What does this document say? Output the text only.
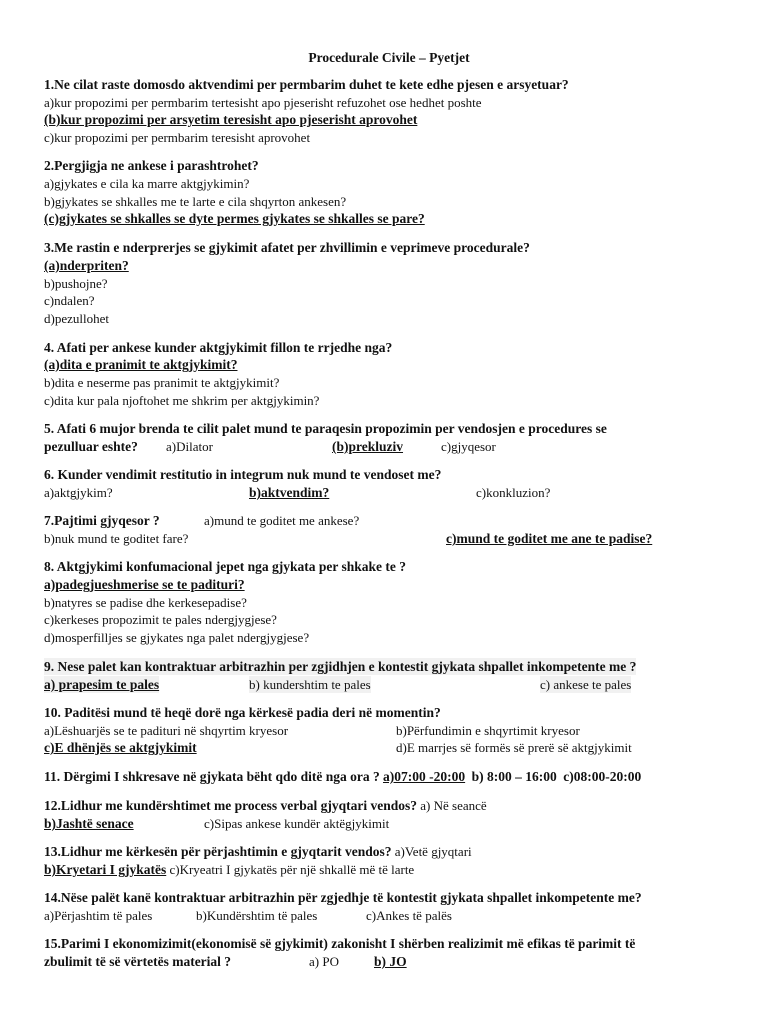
Procedurale Civile – Pyetjet
1.Ne cilat raste domosdo aktvendimi per permbarim duhet te kete edhe pjesen e arsyetuar?
a)kur propozimi per permbarim tertesisht apo pjeserisht refuzohet ose hedhet poshte
(b)kur propozimi per arsyetim teresisht apo pjeserisht aprovohet
c)kur propozimi per permbarim teresisht aprovohet
2.Pergjigja ne ankese i parashtrohet?
a)gjykates e cila ka marre aktgjykimin?
b)gjykates se shkalles me te larte e cila shqyrton ankesen?
(c)gjykates se shkalles se dyte permes gjykates se shkalles se pare?
3.Me rastin e nderprerjes se gjykimit afatet per zhvillimin e veprimeve procedurale?
(a)nderpriten?
b)pushojne?
c)ndalen?
d)pezullohet
4. Afati per ankese kunder aktgjykimit fillon te rrjedhe nga?
(a)dita e pranimit te aktgjykimit?
b)dita e neserme pas pranimit te aktgjykimit?
c)dita kur pala njoftohet me shkrim per aktgjykimin?
5. Afati 6 mujor brenda te cilit palet mund te paraqesin propozimin per vendosjen e procedures se
pezulluar eshte? a)Dilator	(b)prekluziv	c)gjyqesor
6. Kunder vendimit restitutio in integrum nuk mund te vendoset me?
a)aktgjykim?	b)aktvendim?	c)konkluzion?
7.Pajtimi gjyqesor ?	a)mund te goditet me ankese?
b)nuk mund te goditet fare?	c)mund te goditet me ane te padise?
8. Aktgjykimi konfumacional jepet nga gjykata per shkake te ?
a)padegjueshmerise se te padituri?
b)natyres se padise dhe kerkesepadise?
c)kerkeses propozimit te pales ndergjygjese?
d)mosperfilljes se gjykates nga palet ndergjygjese?
9. Nese palet kan kontraktuar arbitrazhin per zgjidhjen e kontestit gjykata shpallet inkompetente me ?
a) prapesim te pales	b) kundershtim te pales	c) ankese te pales
10. Paditësi mund të heqë dorë nga kërkesë padia deri në momentin?
a)Lëshuarjës se te padituri në shqyrtim kryesor	b)Përfundimin e shqyrtimit kryesor
c)E dhënjës se aktgjykimit	d)E marrjes së formës së prerë së aktgjykimit
11. Dërgimi I shkresave në gjykata bëht qdo ditë nga ora ? a)07:00 -20:00 b) 8:00 – 16:00 c)08:00-20:00
12.Lidhur me kundërshtimet me process verbal gjyqtari vendos? a) Në seancë
b)Jashtë senace	c)Sipas ankese kundër aktëgjykimit
13.Lidhur me kërkesën për përjashtimin e gjyqtarit vendos? a)Vetë gjyqtari
b)Kryetari I gjykatës c)Kryeatri I gjykatës për një shkallë më të larte
14.Nëse palët kanë kontraktuar arbitrazhin për zgjedhje të kontestit gjykata shpallet inkompetente me?
a)Përjashtim të pales	b)Kundërshtim të pales	c)Ankes të palës
15.Parimi I ekonomizimit(ekonomisë së gjykimit) zakonisht I shërben realizimit më efikas të parimit të
zbulimit të së vërtetës material ?	a) PO	b) JO
